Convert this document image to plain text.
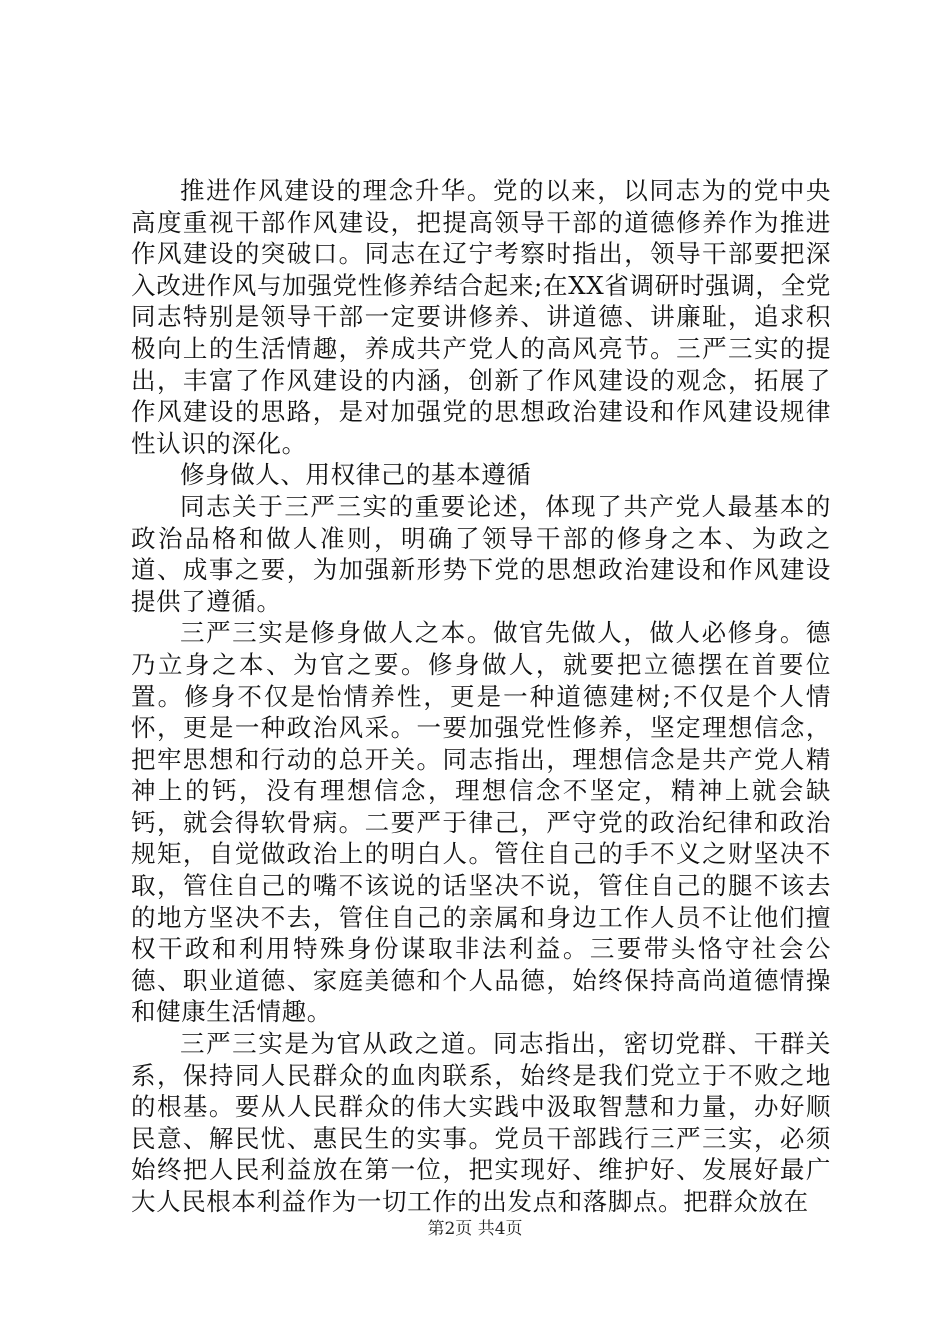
推进作风建设的理念升华。党的以来，以同志为的党中央高度重视干部作风建设，把提高领导干部的道德修养作为推进作风建设的突破口。同志在辽宁考察时指出，领导干部要把深入改进作风与加强党性修养结合起来;在XX省调研时强调，全党同志特别是领导干部一定要讲修养、讲道德、讲廉耻，追求积极向上的生活情趣，养成共产党人的高风亮节。三严三实的提出，丰富了作风建设的内涵，创新了作风建设的观念，拓展了作风建设的思路，是对加强党的思想政治建设和作风建设规律性认识的深化。

修身做人、用权律己的基本遵循

同志关于三严三实的重要论述，体现了共产党人最基本的政治品格和做人准则，明确了领导干部的修身之本、为政之道、成事之要，为加强新形势下党的思想政治建设和作风建设提供了遵循。

三严三实是修身做人之本。做官先做人，做人必修身。德乃立身之本、为官之要。修身做人，就要把立德摆在首要位置。修身不仅是怡情养性，更是一种道德建树;不仅是个人情怀，更是一种政治风采。一要加强党性修养，坚定理想信念，把牢思想和行动的总开关。同志指出，理想信念是共产党人精神上的钙，没有理想信念，理想信念不坚定，精神上就会缺钙，就会得软骨病。二要严于律己，严守党的政治纪律和政治规矩，自觉做政治上的明白人。管住自己的手不义之财坚决不取，管住自己的嘴不该说的话坚决不说，管住自己的腿不该去的地方坚决不去，管住自己的亲属和身边工作人员不让他们擅权干政和利用特殊身份谋取非法利益。三要带头恪守社会公德、职业道德、家庭美德和个人品德，始终保持高尚道德情操和健康生活情趣。

三严三实是为官从政之道。同志指出，密切党群、干群关系，保持同人民群众的血肉联系，始终是我们党立于不败之地的根基。要从人民群众的伟大实践中汲取智慧和力量，办好顺民意、解民忧、惠民生的实事。党员干部践行三严三实，必须始终把人民利益放在第一位，把实现好、维护好、发展好最广大人民根本利益作为一切工作的出发点和落脚点。把群众放在

第2页 共4页
